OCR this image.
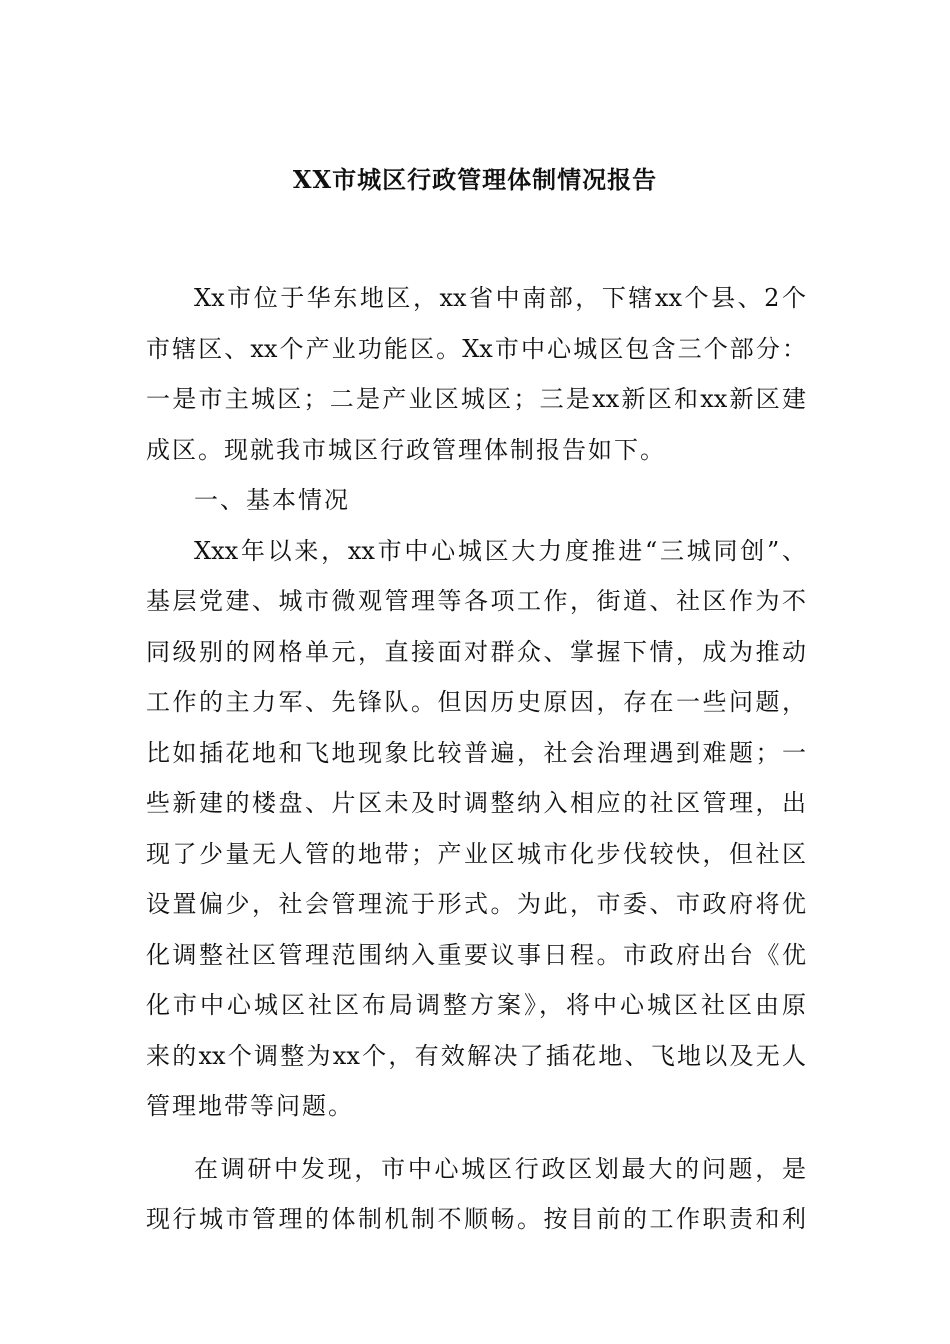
XX市城区行政管理体制情况报告
Xx市位于华东地区，xx省中南部，下辖xx个县、2个
市辖区、xx个产业功能区。Xx市中心城区包含三个部分：
一是市主城区；二是产业区城区；三是xx新区和xx新区建
成区。现就我市城区行政管理体制报告如下。
一、基本情况
Xxx年以来，xx市中心城区大力度推进“三城同创”、
基层党建、城市微观管理等各项工作，街道、社区作为不
同级别的网格单元，直接面对群众、掌握下情，成为推动
工作的主力军、先锋队。但因历史原因，存在一些问题，
比如插花地和飞地现象比较普遍，社会治理遇到难题；一
些新建的楼盘、片区未及时调整纳入相应的社区管理，出
现了少量无人管的地带；产业区城市化步伐较快，但社区
设置偏少，社会管理流于形式。为此，市委、市政府将优
化调整社区管理范围纳入重要议事日程。市政府出台《优
化市中心城区社区布局调整方案》，将中心城区社区由原
来的xx个调整为xx个，有效解决了插花地、飞地以及无人
管理地带等问题。
在调研中发现，市中心城区行政区划最大的问题，是
现行城市管理的体制机制不顺畅。按目前的工作职责和利
